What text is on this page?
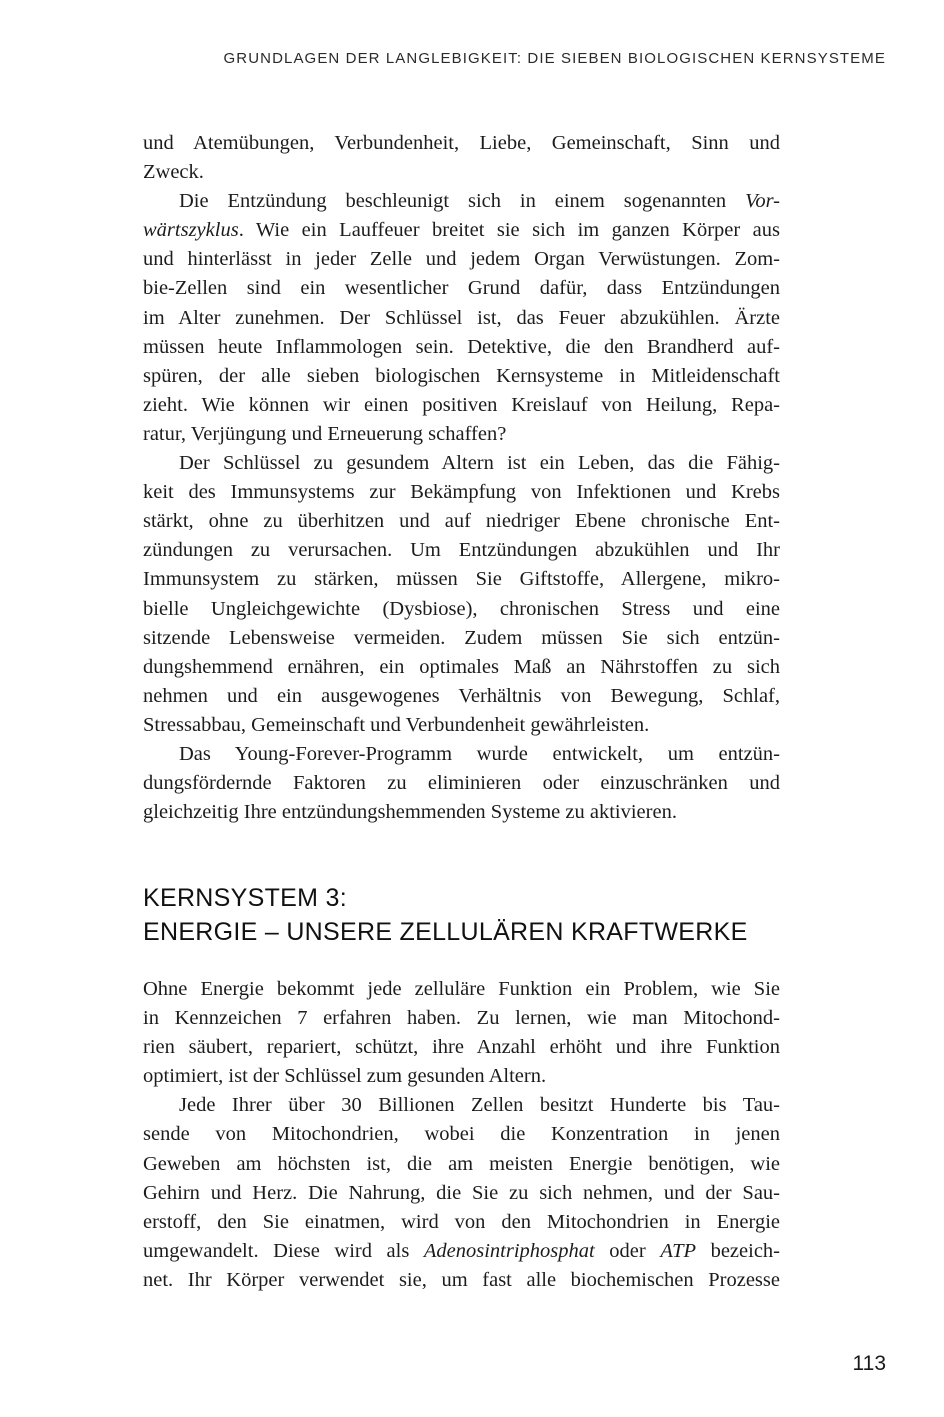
GRUNDLAGEN DER LANGLEBIGKEIT: DIE SIEBEN BIOLOGISCHEN KERNSYSTEME
und Atemübungen, Verbundenheit, Liebe, Gemeinschaft, Sinn und
Zweck.
Die Entzündung beschleunigt sich in einem sogenannten Vor-
wärtszyklus. Wie ein Lauffeuer breitet sie sich im ganzen Körper aus
und hinterlässt in jeder Zelle und jedem Organ Verwüstungen. Zom-
bie-Zellen sind ein wesentlicher Grund dafür, dass Entzündungen
im Alter zunehmen. Der Schlüssel ist, das Feuer abzukühlen. Ärzte
müssen heute Inflammologen sein. Detektive, die den Brandherd auf-
spüren, der alle sieben biologischen Kernsysteme in Mitleidenschaft
zieht. Wie können wir einen positiven Kreislauf von Heilung, Repa-
ratur, Verjüngung und Erneuerung schaffen?
Der Schlüssel zu gesundem Altern ist ein Leben, das die Fähig-
keit des Immunsystems zur Bekämpfung von Infektionen und Krebs
stärkt, ohne zu überhitzen und auf niedriger Ebene chronische Ent-
zündungen zu verursachen. Um Entzündungen abzukühlen und Ihr
Immunsystem zu stärken, müssen Sie Giftstoffe, Allergene, mikro-
bielle Ungleichgewichte (Dysbiose), chronischen Stress und eine
sitzende Lebensweise vermeiden. Zudem müssen Sie sich entzün-
dungshemmend ernähren, ein optimales Maß an Nährstoffen zu sich
nehmen und ein ausgewogenes Verhältnis von Bewegung, Schlaf,
Stressabbau, Gemeinschaft und Verbundenheit gewährleisten.
Das Young-Forever-Programm wurde entwickelt, um entzün-
dungsfördernde Faktoren zu eliminieren oder einzuschränken und
gleichzeitig Ihre entzündungshemmenden Systeme zu aktivieren.
KERNSYSTEM 3:
ENERGIE – UNSERE ZELLULÄREN KRAFTWERKE
Ohne Energie bekommt jede zelluläre Funktion ein Problem, wie Sie
in Kennzeichen 7 erfahren haben. Zu lernen, wie man Mitochond-
rien säubert, repariert, schützt, ihre Anzahl erhöht und ihre Funktion
optimiert, ist der Schlüssel zum gesunden Altern.
Jede Ihrer über 30 Billionen Zellen besitzt Hunderte bis Tau-
sende von Mitochondrien, wobei die Konzentration in jenen
Geweben am höchsten ist, die am meisten Energie benötigen, wie
Gehirn und Herz. Die Nahrung, die Sie zu sich nehmen, und der Sau-
erstoff, den Sie einatmen, wird von den Mitochondrien in Energie
umgewandelt. Diese wird als Adenosintriphosphat oder ATP bezeich-
net. Ihr Körper verwendet sie, um fast alle biochemischen Prozesse
113
